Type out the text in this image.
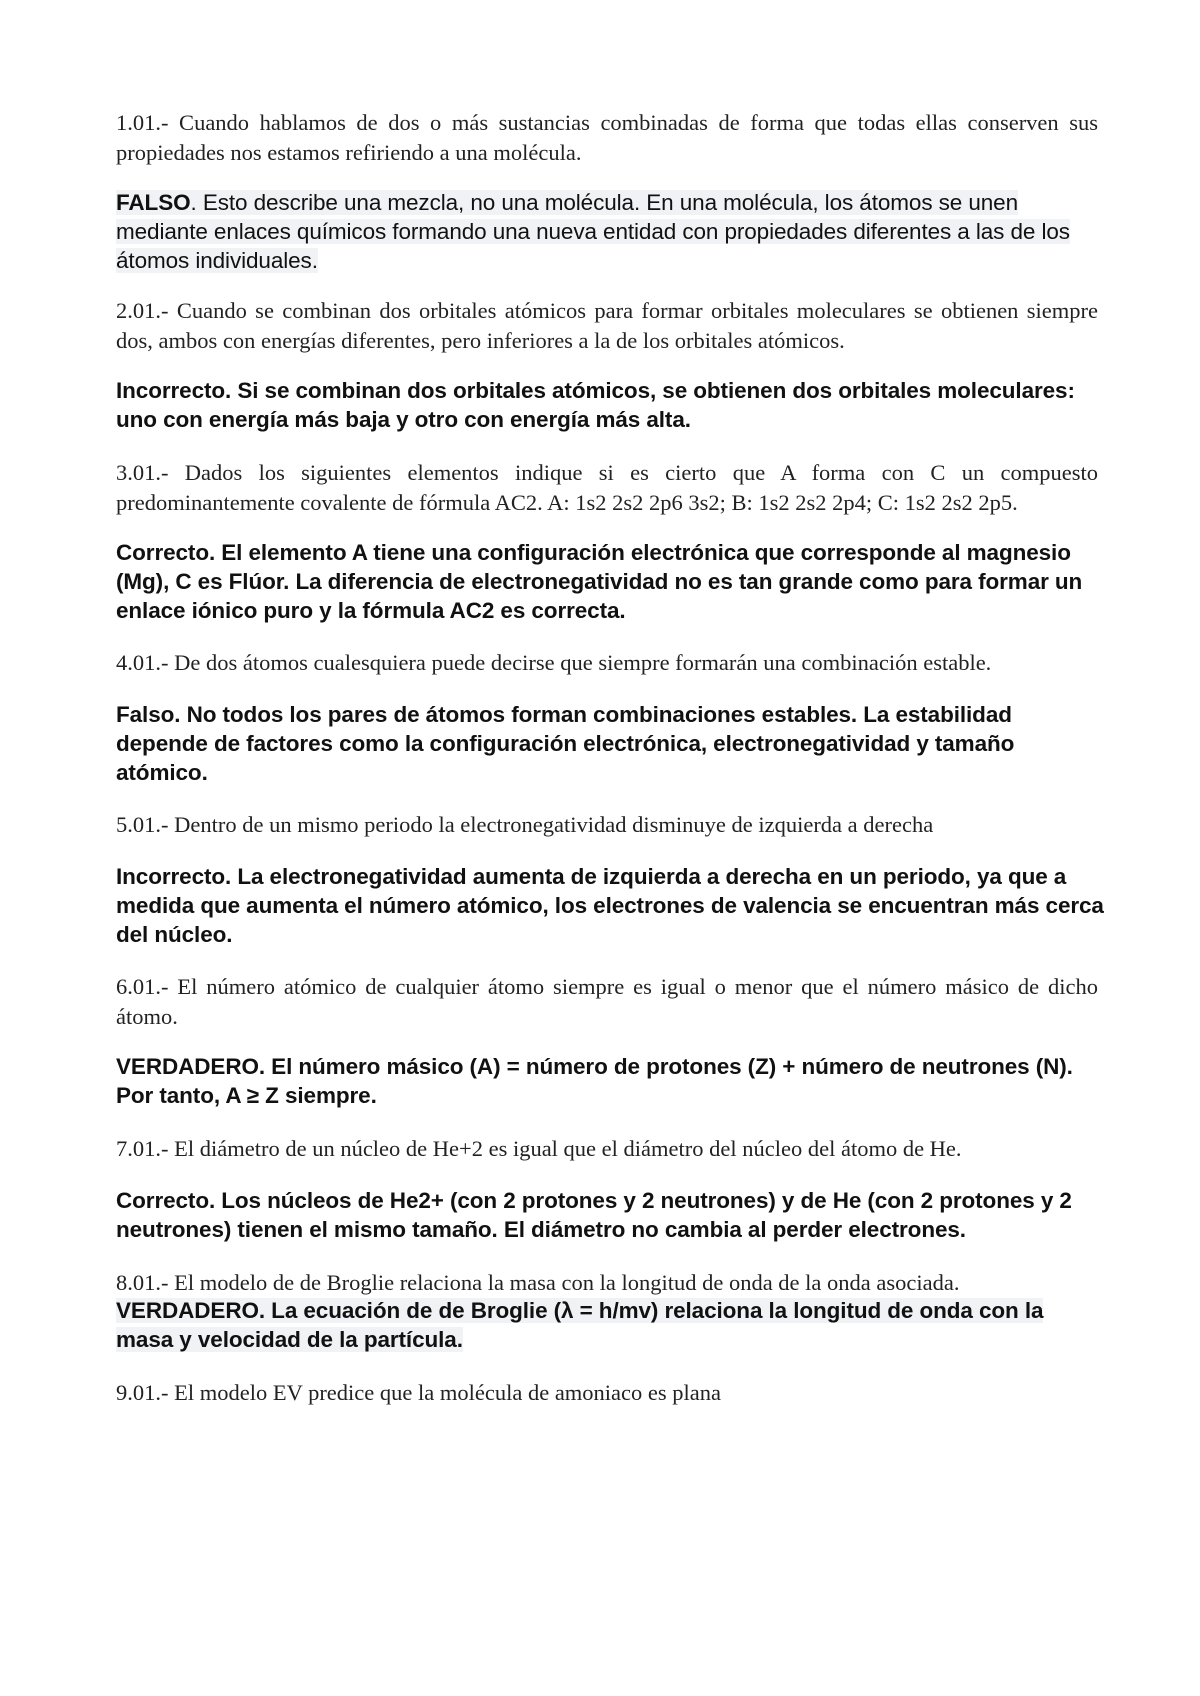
1.01.- Cuando hablamos de dos o más sustancias combinadas de forma que todas ellas conserven sus propiedades nos estamos refiriendo a una molécula.

FALSO. Esto describe una mezcla, no una molécula. En una molécula, los átomos se unen mediante enlaces químicos formando una nueva entidad con propiedades diferentes a las de los átomos individuales.

2.01.- Cuando se combinan dos orbitales atómicos para formar orbitales moleculares se obtienen siempre dos, ambos con energías diferentes, pero inferiores a la de los orbitales atómicos.

Incorrecto. Si se combinan dos orbitales atómicos, se obtienen dos orbitales moleculares: uno con energía más baja y otro con energía más alta.

3.01.- Dados los siguientes elementos indique si es cierto que A forma con C un compuesto predominantemente covalente de fórmula AC2. A: 1s2 2s2 2p6 3s2; B: 1s2 2s2 2p4; C: 1s2 2s2 2p5.

Correcto. El elemento A tiene una configuración electrónica que corresponde al magnesio (Mg), C es Flúor. La diferencia de electronegatividad no es tan grande como para formar un enlace iónico puro y la fórmula AC2 es correcta.

4.01.- De dos átomos cualesquiera puede decirse que siempre formarán una combinación estable.

Falso. No todos los pares de átomos forman combinaciones estables. La estabilidad depende de factores como la configuración electrónica, electronegatividad y tamaño atómico.

5.01.- Dentro de un mismo periodo la electronegatividad disminuye de izquierda a derecha

Incorrecto. La electronegatividad aumenta de izquierda a derecha en un periodo, ya que a medida que aumenta el número atómico, los electrones de valencia se encuentran más cerca del núcleo.

6.01.- El número atómico de cualquier átomo siempre es igual o menor que el número másico de dicho átomo.

VERDADERO. El número másico (A) = número de protones (Z) + número de neutrones (N). Por tanto, A ≥ Z siempre.

7.01.- El diámetro de un núcleo de He+2 es igual que el diámetro del núcleo del átomo de He.

Correcto. Los núcleos de He2+ (con 2 protones y 2 neutrones) y de He (con 2 protones y 2 neutrones) tienen el mismo tamaño. El diámetro no cambia al perder electrones.

8.01.- El modelo de de Broglie relaciona la masa con la longitud de onda de la onda asociada.

VERDADERO. La ecuación de de Broglie (λ = h/mv) relaciona la longitud de onda con la masa y velocidad de la partícula.

9.01.- El modelo EV predice que la molécula de amoniaco es plana
